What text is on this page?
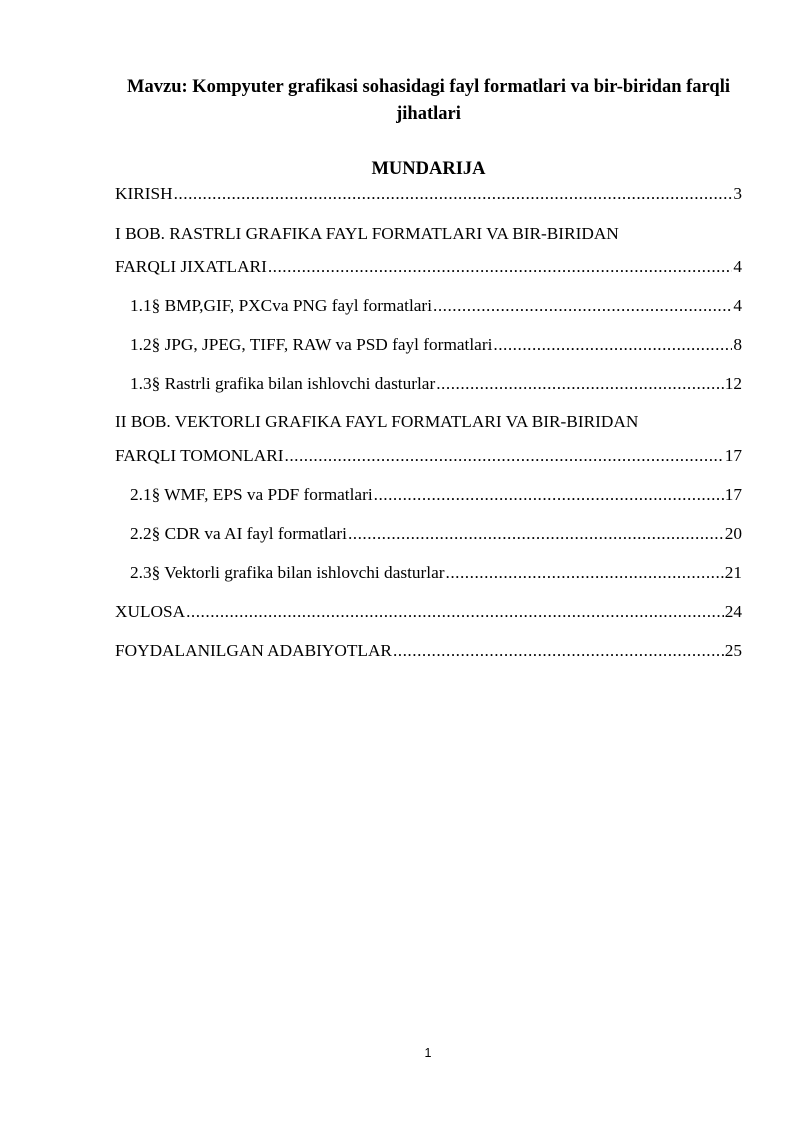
Mavzu: Kompyuter grafikasi sohasidagi fayl formatlari va bir-biridan farqli jihatlari
MUNDARIJA
KIRISH .....	3
I BOB. RASTRLI GRAFIKA FAYL FORMATLARI VA BIR-BIRIDAN
FARQLI JIXATLARI .....	4
1.1§ BMP,GIF, PXCva PNG fayl formatlari .....	4
1.2§ JPG, JPEG, TIFF, RAW va PSD fayl formatlari .....	8
1.3§ Rastrli grafika bilan ishlovchi dasturlar .....	12
II BOB. VEKTORLI GRAFIKA FAYL FORMATLARI VA BIR-BIRIDAN
FARQLI TOMONLARI .....	17
2.1§ WMF, EPS va PDF formatlari .....	17
2.2§ CDR va AI fayl formatlari .....	20
2.3§ Vektorli grafika bilan ishlovchi dasturlar .....	21
XULOSA .....	24
FOYDALANILGAN ADABIYOTLAR .....	25
1
